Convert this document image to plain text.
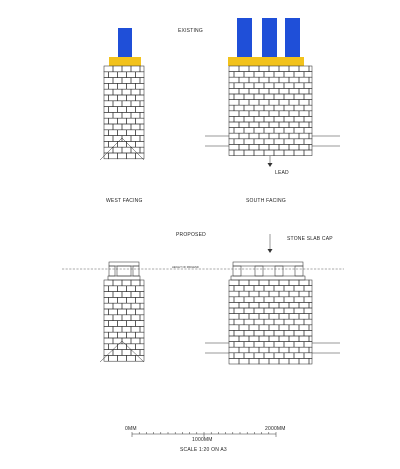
EXISTING
LEAD
WEST FACING	SOUTH FACING
PROPOSED
STONE SLAB CAP
HEIGHT OF RIDGEND
0MM
1000MM
2000MM
SCALE 1:20 ON A3
